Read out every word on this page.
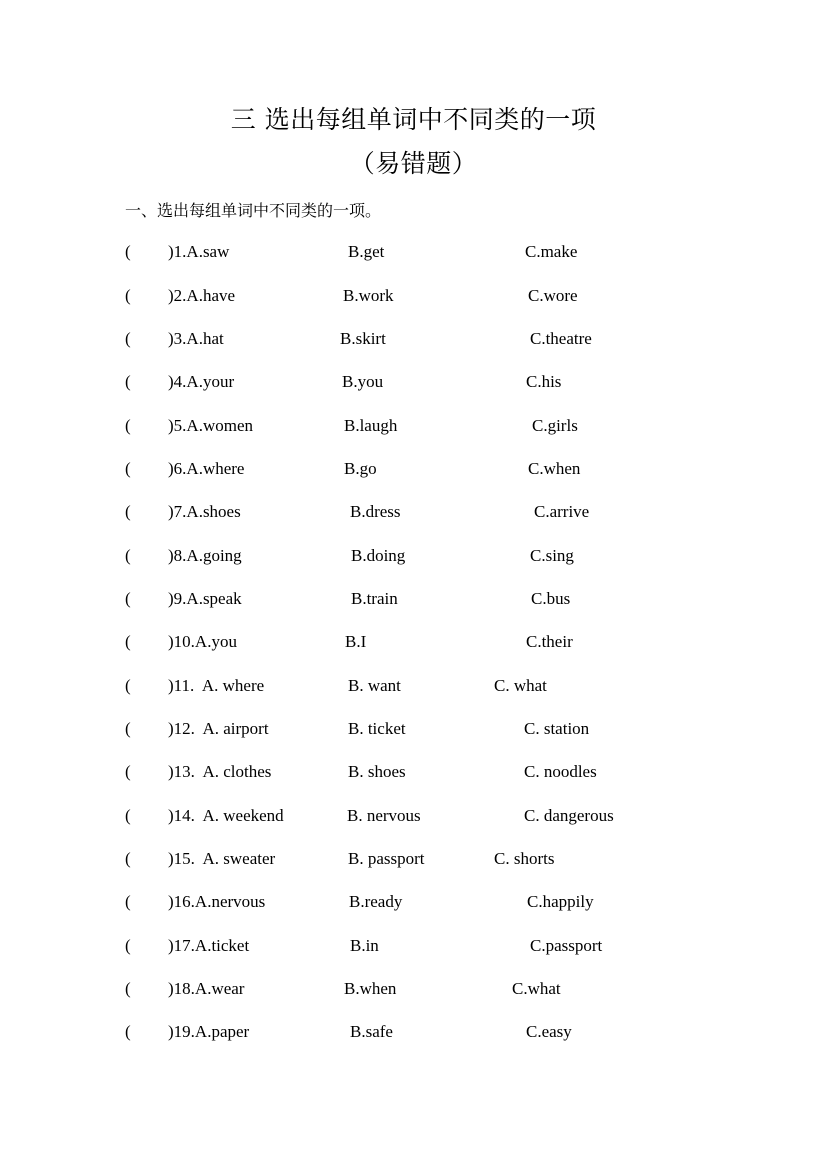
三 选出每组单词中不同类的一项
（易错题）
一、选出每组单词中不同类的一项。
( )1.A.saw	B.get	C.make
( )2.A.have	B.work	C.wore
( )3.A.hat	B.skirt	C.theatre
( )4.A.your	B.you	C.his
( )5.A.women	B.laugh	C.girls
( )6.A.where	B.go	C.when
( )7.A.shoes	B.dress	C.arrive
( )8.A.going	B.doing	C.sing
( )9.A.speak	B.train	C.bus
( )10.A.you	B.I	C.their
( )11.  A. where	B. want	C. what
( )12.  A. airport	B. ticket	C. station
( )13.  A. clothes	B. shoes	C. noodles
( )14.  A. weekend	B. nervous	C. dangerous
( )15.  A. sweater	B. passport	C. shorts
( )16.A.nervous	B.ready	C.happily
( )17.A.ticket	B.in	C.passport
( )18.A.wear	B.when	C.what
( )19.A.paper	B.safe	C.easy
